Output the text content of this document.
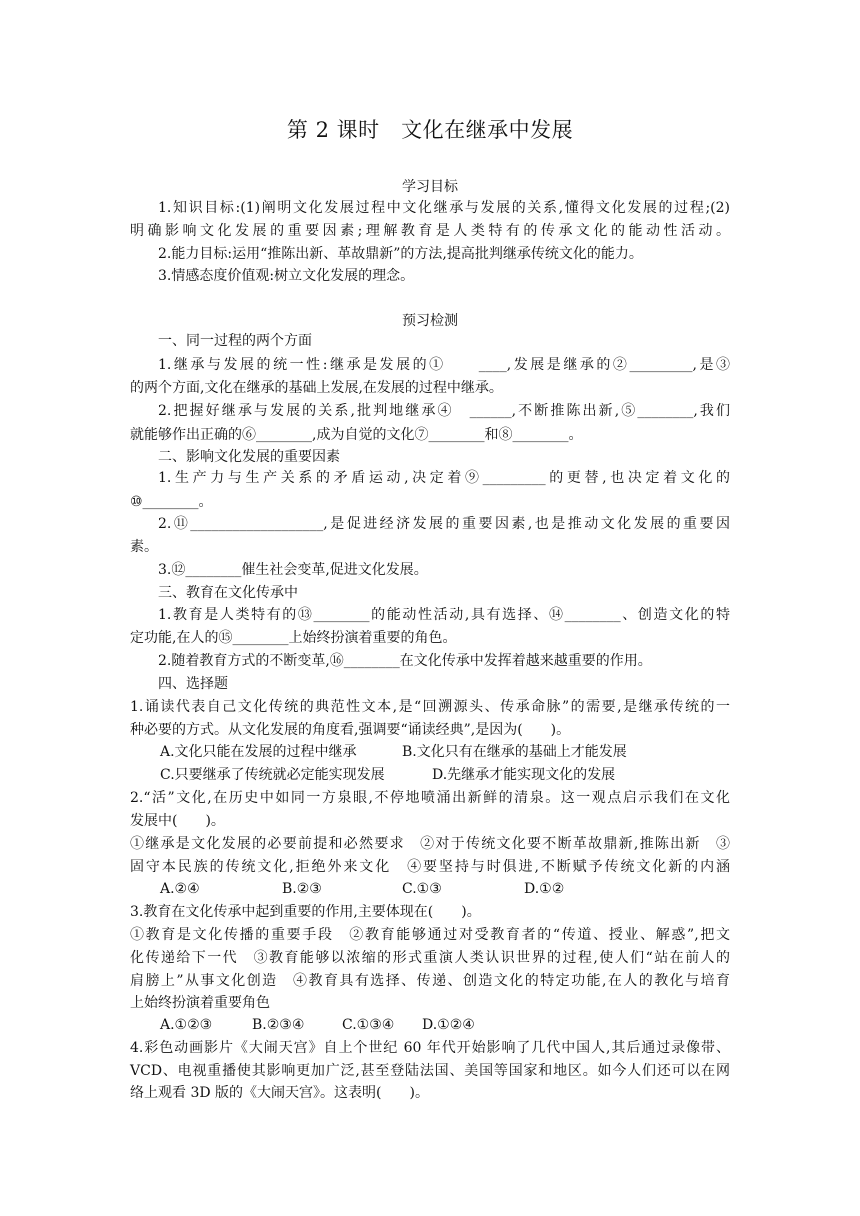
第 2 课时　文化在继承中发展
学习目标
1.知识目标:(1)阐明文化发展过程中文化继承与发展的关系,懂得文化发展的过程;(2)
明确影响文化发展的重要因素;理解教育是人类特有的传承文化的能动性活动。
2.能力目标:运用“推陈出新、革故鼎新”的方法,提高批判继承传统文化的能力。
3.情感态度价值观:树立文化发展的理念。
预习检测
一、同一过程的两个方面
1.继承与发展的统一性:继承是发展的①　　____,发展是继承的②_________,是③
的两个方面,文化在继承的基础上发展,在发展的过程中继承。
2.把握好继承与发展的关系,批判地继承④　______,不断推陈出新,⑤________,我们
就能够作出正确的⑥________,成为自觉的文化⑦________和⑧________。
二、影响文化发展的重要因素
1.生产力与生产关系的矛盾运动,决定着⑨_________的更替,也决定着文化的
⑩________。
2.⑪___________________,是促进经济发展的重要因素,也是推动文化发展的重要因
素。
3.⑫________催生社会变革,促进文化发展。
三、教育在文化传承中
1.教育是人类特有的⑬________的能动性活动,具有选择、⑭________、创造文化的特
定功能,在人的⑮________上始终扮演着重要的角色。
2.随着教育方式的不断变革,⑯________在文化传承中发挥着越来越重要的作用。
四、选择题
1.诵读代表自己文化传统的典范性文本,是“回溯源头、传承命脉”的需要,是继承传统的一
种必要的方式。从文化发展的角度看,强调要“诵读经典”,是因为(　　)。
A.文化只能在发展的过程中继承	B.文化只有在继承的基础上才能发展
C.只要继承了传统就必定能实现发展	D.先继承才能实现文化的发展
2.“活”文化,在历史中如同一方泉眼,不停地喷涌出新鲜的清泉。这一观点启示我们在文化
发展中(　　)。
①继承是文化发展的必要前提和必然要求　②对于传统文化要不断革故鼎新,推陈出新　③
固守本民族的传统文化,拒绝外来文化　④要坚持与时俱进,不断赋予传统文化新的内涵
A.②④	B.②③	C.①③	D.①②
3.教育在文化传承中起到重要的作用,主要体现在(　　)。
①教育是文化传播的重要手段　②教育能够通过对受教育者的“传道、授业、解惑”,把文
化传递给下一代　③教育能够以浓缩的形式重演人类认识世界的过程,使人们“站在前人的
肩膀上”从事文化创造　④教育具有选择、传递、创造文化的特定功能,在人的教化与培育
上始终扮演着重要角色
A.①②③	B.②③④	C.①③④ D.①②④
4.彩色动画影片《大闹天宫》自上个世纪 60 年代开始影响了几代中国人,其后通过录像带、
VCD、电视重播使其影响更加广泛,甚至登陆法国、美国等国家和地区。如今人们还可以在网
络上观看 3D 版的《大闹天宫》。这表明(　　)。
